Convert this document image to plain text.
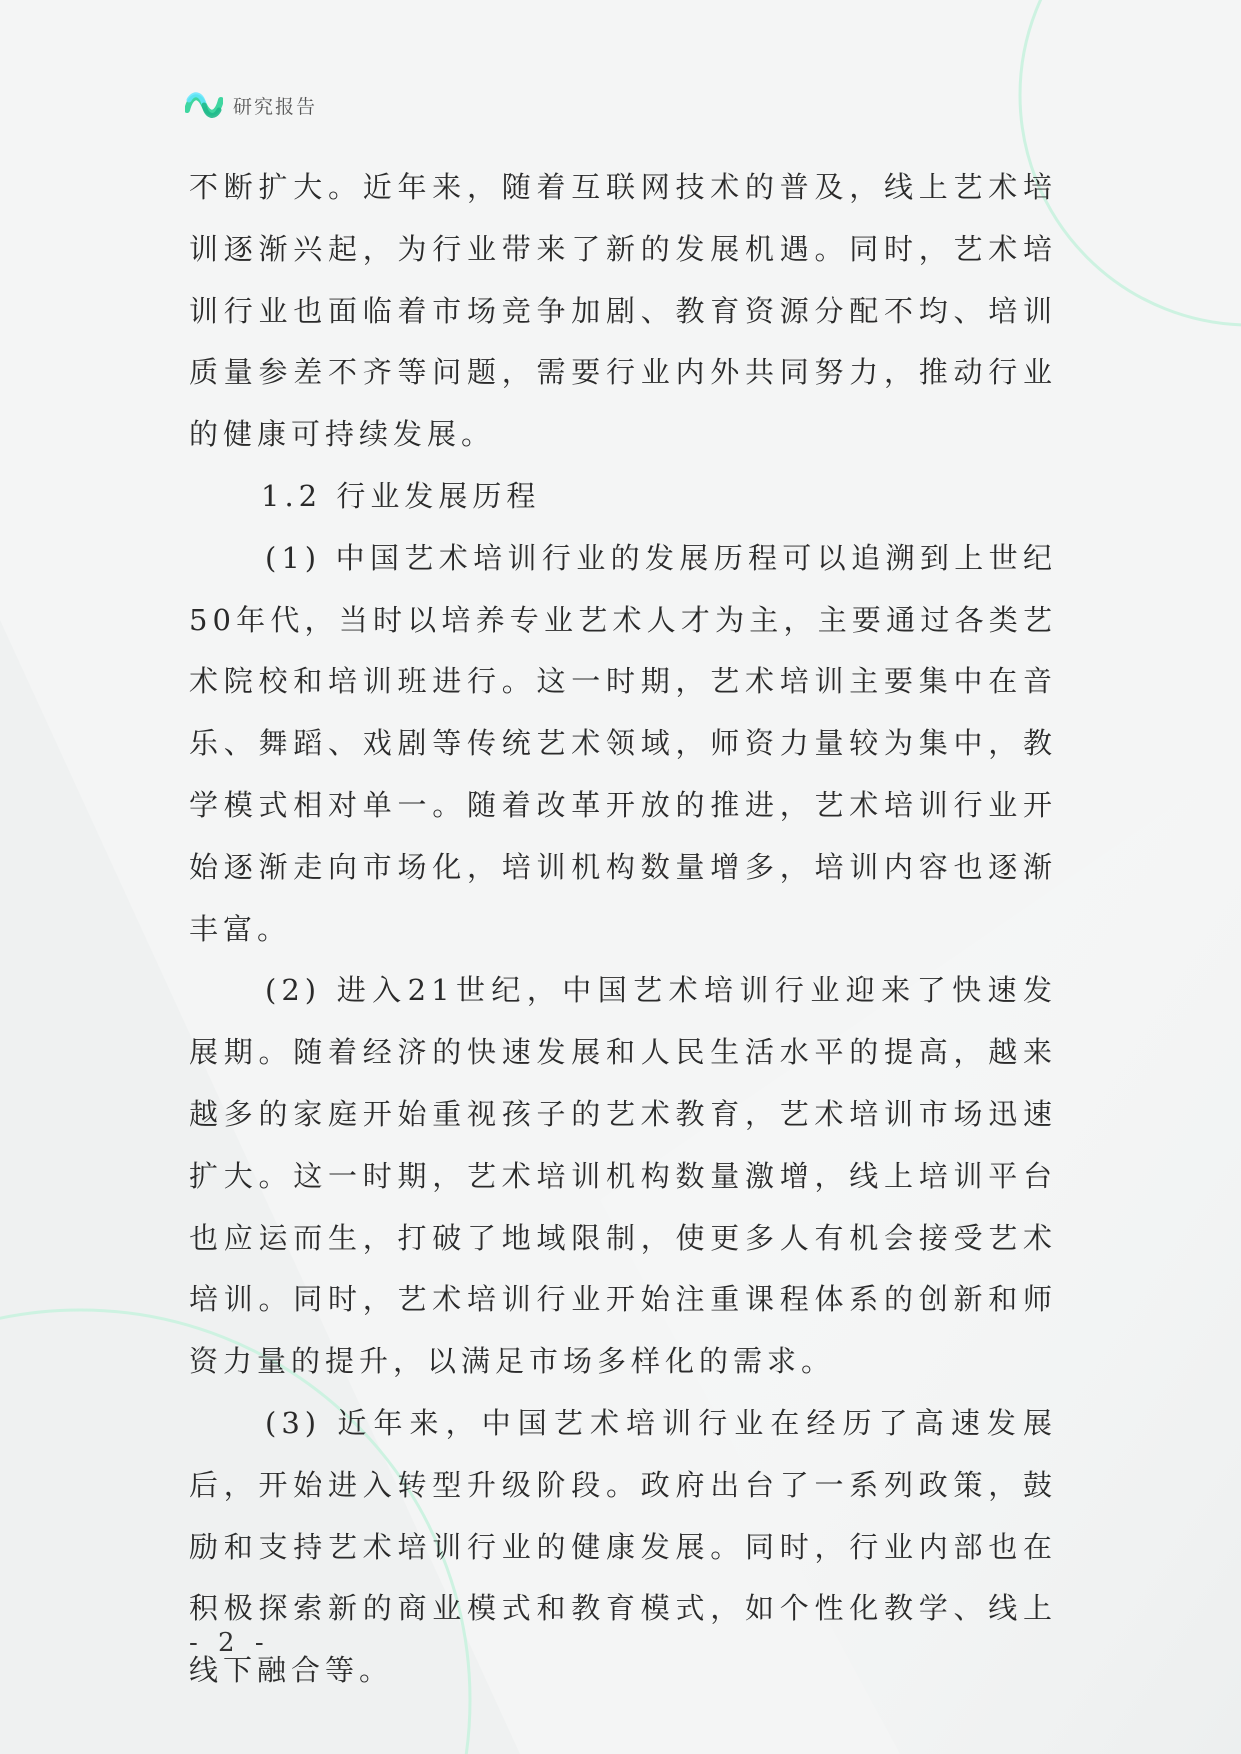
研究报告

不断扩大。近年来，随着互联网技术的普及，线上艺术培训逐渐兴起，为行业带来了新的发展机遇。同时，艺术培训行业也面临着市场竞争加剧、教育资源分配不均、培训质量参差不齐等问题，需要行业内外共同努力，推动行业的健康可持续发展。

1.2 行业发展历程

(1) 中国艺术培训行业的发展历程可以追溯到上世纪50年代，当时以培养专业艺术人才为主，主要通过各类艺术院校和培训班进行。这一时期，艺术培训主要集中在音乐、舞蹈、戏剧等传统艺术领域，师资力量较为集中，教学模式相对单一。随着改革开放的推进，艺术培训行业开始逐渐走向市场化，培训机构数量增多，培训内容也逐渐丰富。

(2) 进入21世纪，中国艺术培训行业迎来了快速发展期。随着经济的快速发展和人民生活水平的提高，越来越多的家庭开始重视孩子的艺术教育，艺术培训市场迅速扩大。这一时期，艺术培训机构数量激增，线上培训平台也应运而生，打破了地域限制，使更多人有机会接受艺术培训。同时，艺术培训行业开始注重课程体系的创新和师资力量的提升，以满足市场多样化的需求。

(3) 近年来，中国艺术培训行业在经历了高速发展后，开始进入转型升级阶段。政府出台了一系列政策，鼓励和支持艺术培训行业的健康发展。同时，行业内部也在积极探索新的商业模式和教育模式，如个性化教学、线上线下融合等。

- 2 -
